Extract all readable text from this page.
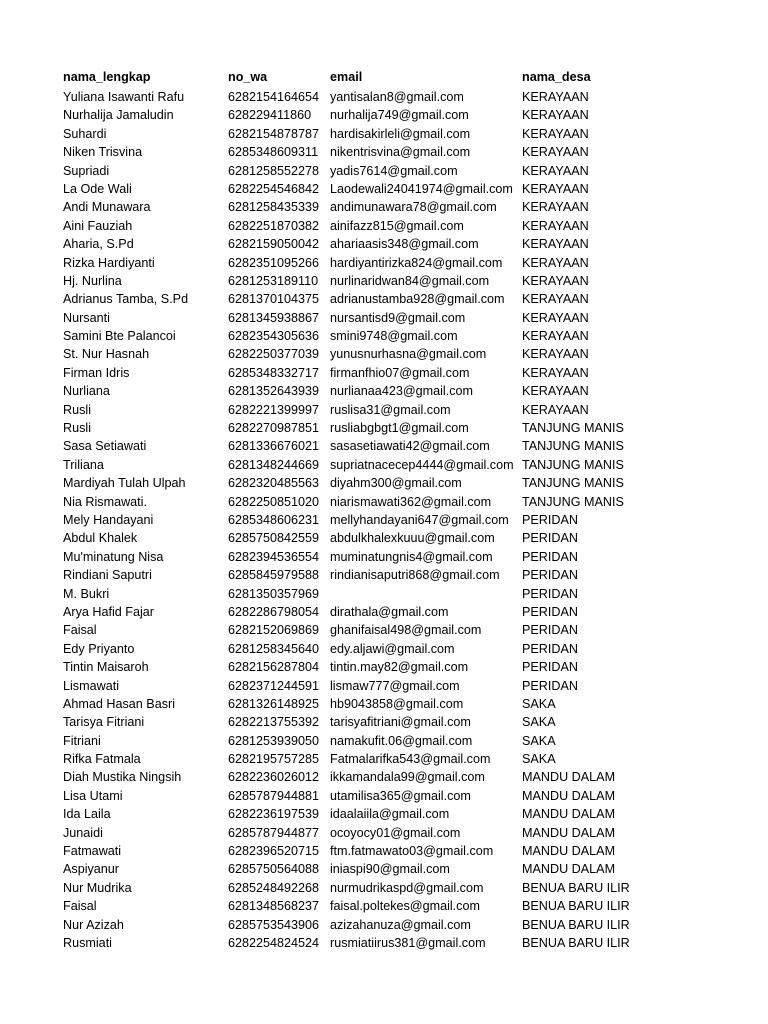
nama_lengkap	no_wa	email	nama_desa
Yuliana Isawanti Rafu	6282154164654 yantisalan8@gmail.com	KERAYAAN
Nurhalija Jamaludin	628229411860	nurhalija749@gmail.com	KERAYAAN
Suhardi	6282154878787 hardisakirleli@gmail.com	KERAYAAN
Niken Trisvina	6285348609311 nikentrisvina@gmail.com	KERAYAAN
Supriadi	6281258552278 yadis7614@gmail.com	KERAYAAN
La Ode Wali	6282254546842 Laodewali24041974@gmail.com KERAYAAN
Andi Munawara	6281258435339 andimunawara78@gmail.com	KERAYAAN
Aini Fauziah	6282251870382 ainifazz815@gmail.com	KERAYAAN
Aharia, S.Pd	6282159050042 ahariaasis348@gmail.com	KERAYAAN
Rizka Hardiyanti	6282351095266 hardiyantirizka824@gmail.com	KERAYAAN
Hj. Nurlina	6281253189110 nurlinaridwan84@gmail.com	KERAYAAN
Adrianus Tamba, S.Pd	6281370104375 adrianustamba928@gmail.com	KERAYAAN
Nursanti	6281345938867 nursantisd9@gmail.com	KERAYAAN
Samini Bte Palancoi	6282354305636 smini9748@gmail.com	KERAYAAN
St. Nur Hasnah	6282250377039 yunusnurhasna@gmail.com	KERAYAAN
Firman Idris	6285348332717 firmanfhio07@gmail.com	KERAYAAN
Nurliana	6281352643939 nurlianaa423@gmail.com	KERAYAAN
Rusli	6282221399997 ruslisa31@gmail.com	KERAYAAN
Rusli	6282270987851 rusliabgbgt1@gmail.com	TANJUNG MANIS
Sasa Setiawati	6281336676021 sasasetiawati42@gmail.com	TANJUNG MANIS
Triliana	6281348244669 supriatnacecep4444@gmail.com TANJUNG MANIS
Mardiyah Tulah Ulpah	6282320485563 diyahm300@gmail.com	TANJUNG MANIS
Nia Rismawati.	6282250851020 niarismawati362@gmail.com	TANJUNG MANIS
Mely Handayani	6285348606231 mellyhandayani647@gmail.com	PERIDAN
Abdul Khalek	6285750842559 abdulkhalexkuuu@gmail.com	PERIDAN
Mu'minatung Nisa	6282394536554 muminatungnis4@gmail.com	PERIDAN
Rindiani Saputri	6285845979588 rindianisaputri868@gmail.com	PERIDAN
M. Bukri	6281350357969	PERIDAN
Arya Hafid Fajar	6282286798054 dirathala@gmail.com	PERIDAN
Faisal	6282152069869 ghanifaisal498@gmail.com	PERIDAN
Edy Priyanto	6281258345640 edy.aljawi@gmail.com	PERIDAN
Tintin Maisaroh	6282156287804 tintin.may82@gmail.com	PERIDAN
Lismawati	6282371244591 lismaw777@gmail.com	PERIDAN
Ahmad Hasan Basri	6281326148925 hb9043858@gmail.com	SAKA
Tarisya Fitriani	6282213755392 tarisyafitriani@gmail.com	SAKA
Fitriani	6281253939050 namakufit.06@gmail.com	SAKA
Rifka Fatmala	6282195757285 Fatmalarifka543@gmail.com	SAKA
Diah Mustika Ningsih	6282236026012 ikkamandala99@gmail.com	MANDU DALAM
Lisa Utami	6285787944881 utamilisa365@gmail.com	MANDU DALAM
Ida Laila	6282236197539 idaalaiila@gmail.com	MANDU DALAM
Junaidi	6285787944877 ocoyocy01@gmail.com	MANDU DALAM
Fatmawati	6282396520715 ftm.fatmawato03@gmail.com	MANDU DALAM
Aspiyanur	6285750564088 iniaspi90@gmail.com	MANDU DALAM
Nur Mudrika	6285248492268 nurmudrikaspd@gmail.com	BENUA BARU ILIR
Faisal	6281348568237 faisal.poltekes@gmail.com	BENUA BARU ILIR
Nur Azizah	6285753543906 azizahanuza@gmail.com	BENUA BARU ILIR
Rusmiati	6282254824524 rusmiatiirus381@gmail.com	BENUA BARU ILIR
